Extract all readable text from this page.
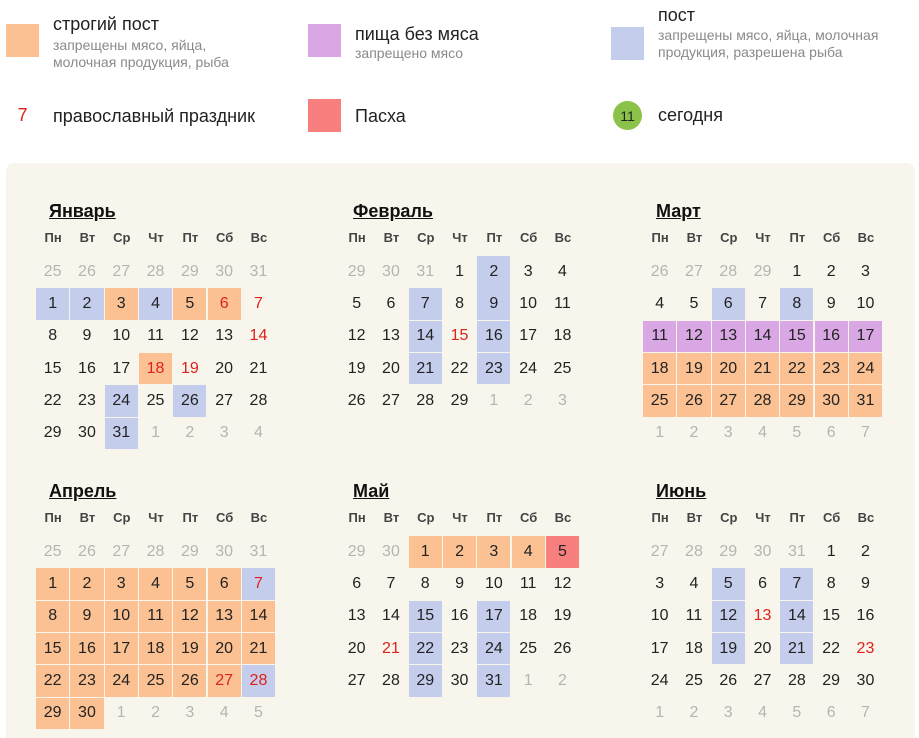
строгий пост
запрещены мясо, яйца, молочная продукция, рыба
пища без мяса
запрещено мясо
пост
запрещены мясо, яйца, молочная продукция, разрешена рыба
7	православный праздник	Пасха	11	сегодня
Январь
Пн	Вт	Ср	Чт	Пт	Сб	Вс
25	26	27	28	29	30	31
1	2	3	4	5	6	7
8	9	10	11	12	13	14
15	16	17	18	19	20	21
22	23	24	25	26	27	28
29	30	31	1	2	3	4
Февраль
Пн	Вт	Ср	Чт	Пт	Сб	Вс
29	30	31	1	2	3	4
5	6	7	8	9	10	11
12	13	14	15	16	17	18
19	20	21	22	23	24	25
26	27	28	29	1	2	3
Март
Пн	Вт	Ср	Чт	Пт	Сб	Вс
26	27	28	29	1	2	3
4	5	6	7	8	9	10
11	12	13	14	15	16	17
18	19	20	21	22	23	24
25	26	27	28	29	30	31
1	2	3	4	5	6	7
Апрель
Пн	Вт	Ср	Чт	Пт	Сб	Вс
25	26	27	28	29	30	31
1	2	3	4	5	6	7
8	9	10	11	12	13	14
15	16	17	18	19	20	21
22	23	24	25	26	27	28
29	30	1	2	3	4	5
Май
Пн	Вт	Ср	Чт	Пт	Сб	Вс
29	30	1	2	3	4	5
6	7	8	9	10	11	12
13	14	15	16	17	18	19
20	21	22	23	24	25	26
27	28	29	30	31	1	2
Июнь
Пн	Вт	Ср	Чт	Пт	Сб	Вс
27	28	29	30	31	1	2
3	4	5	6	7	8	9
10	11	12	13	14	15	16
17	18	19	20	21	22	23
24	25	26	27	28	29	30
1	2	3	4	5	6	7
